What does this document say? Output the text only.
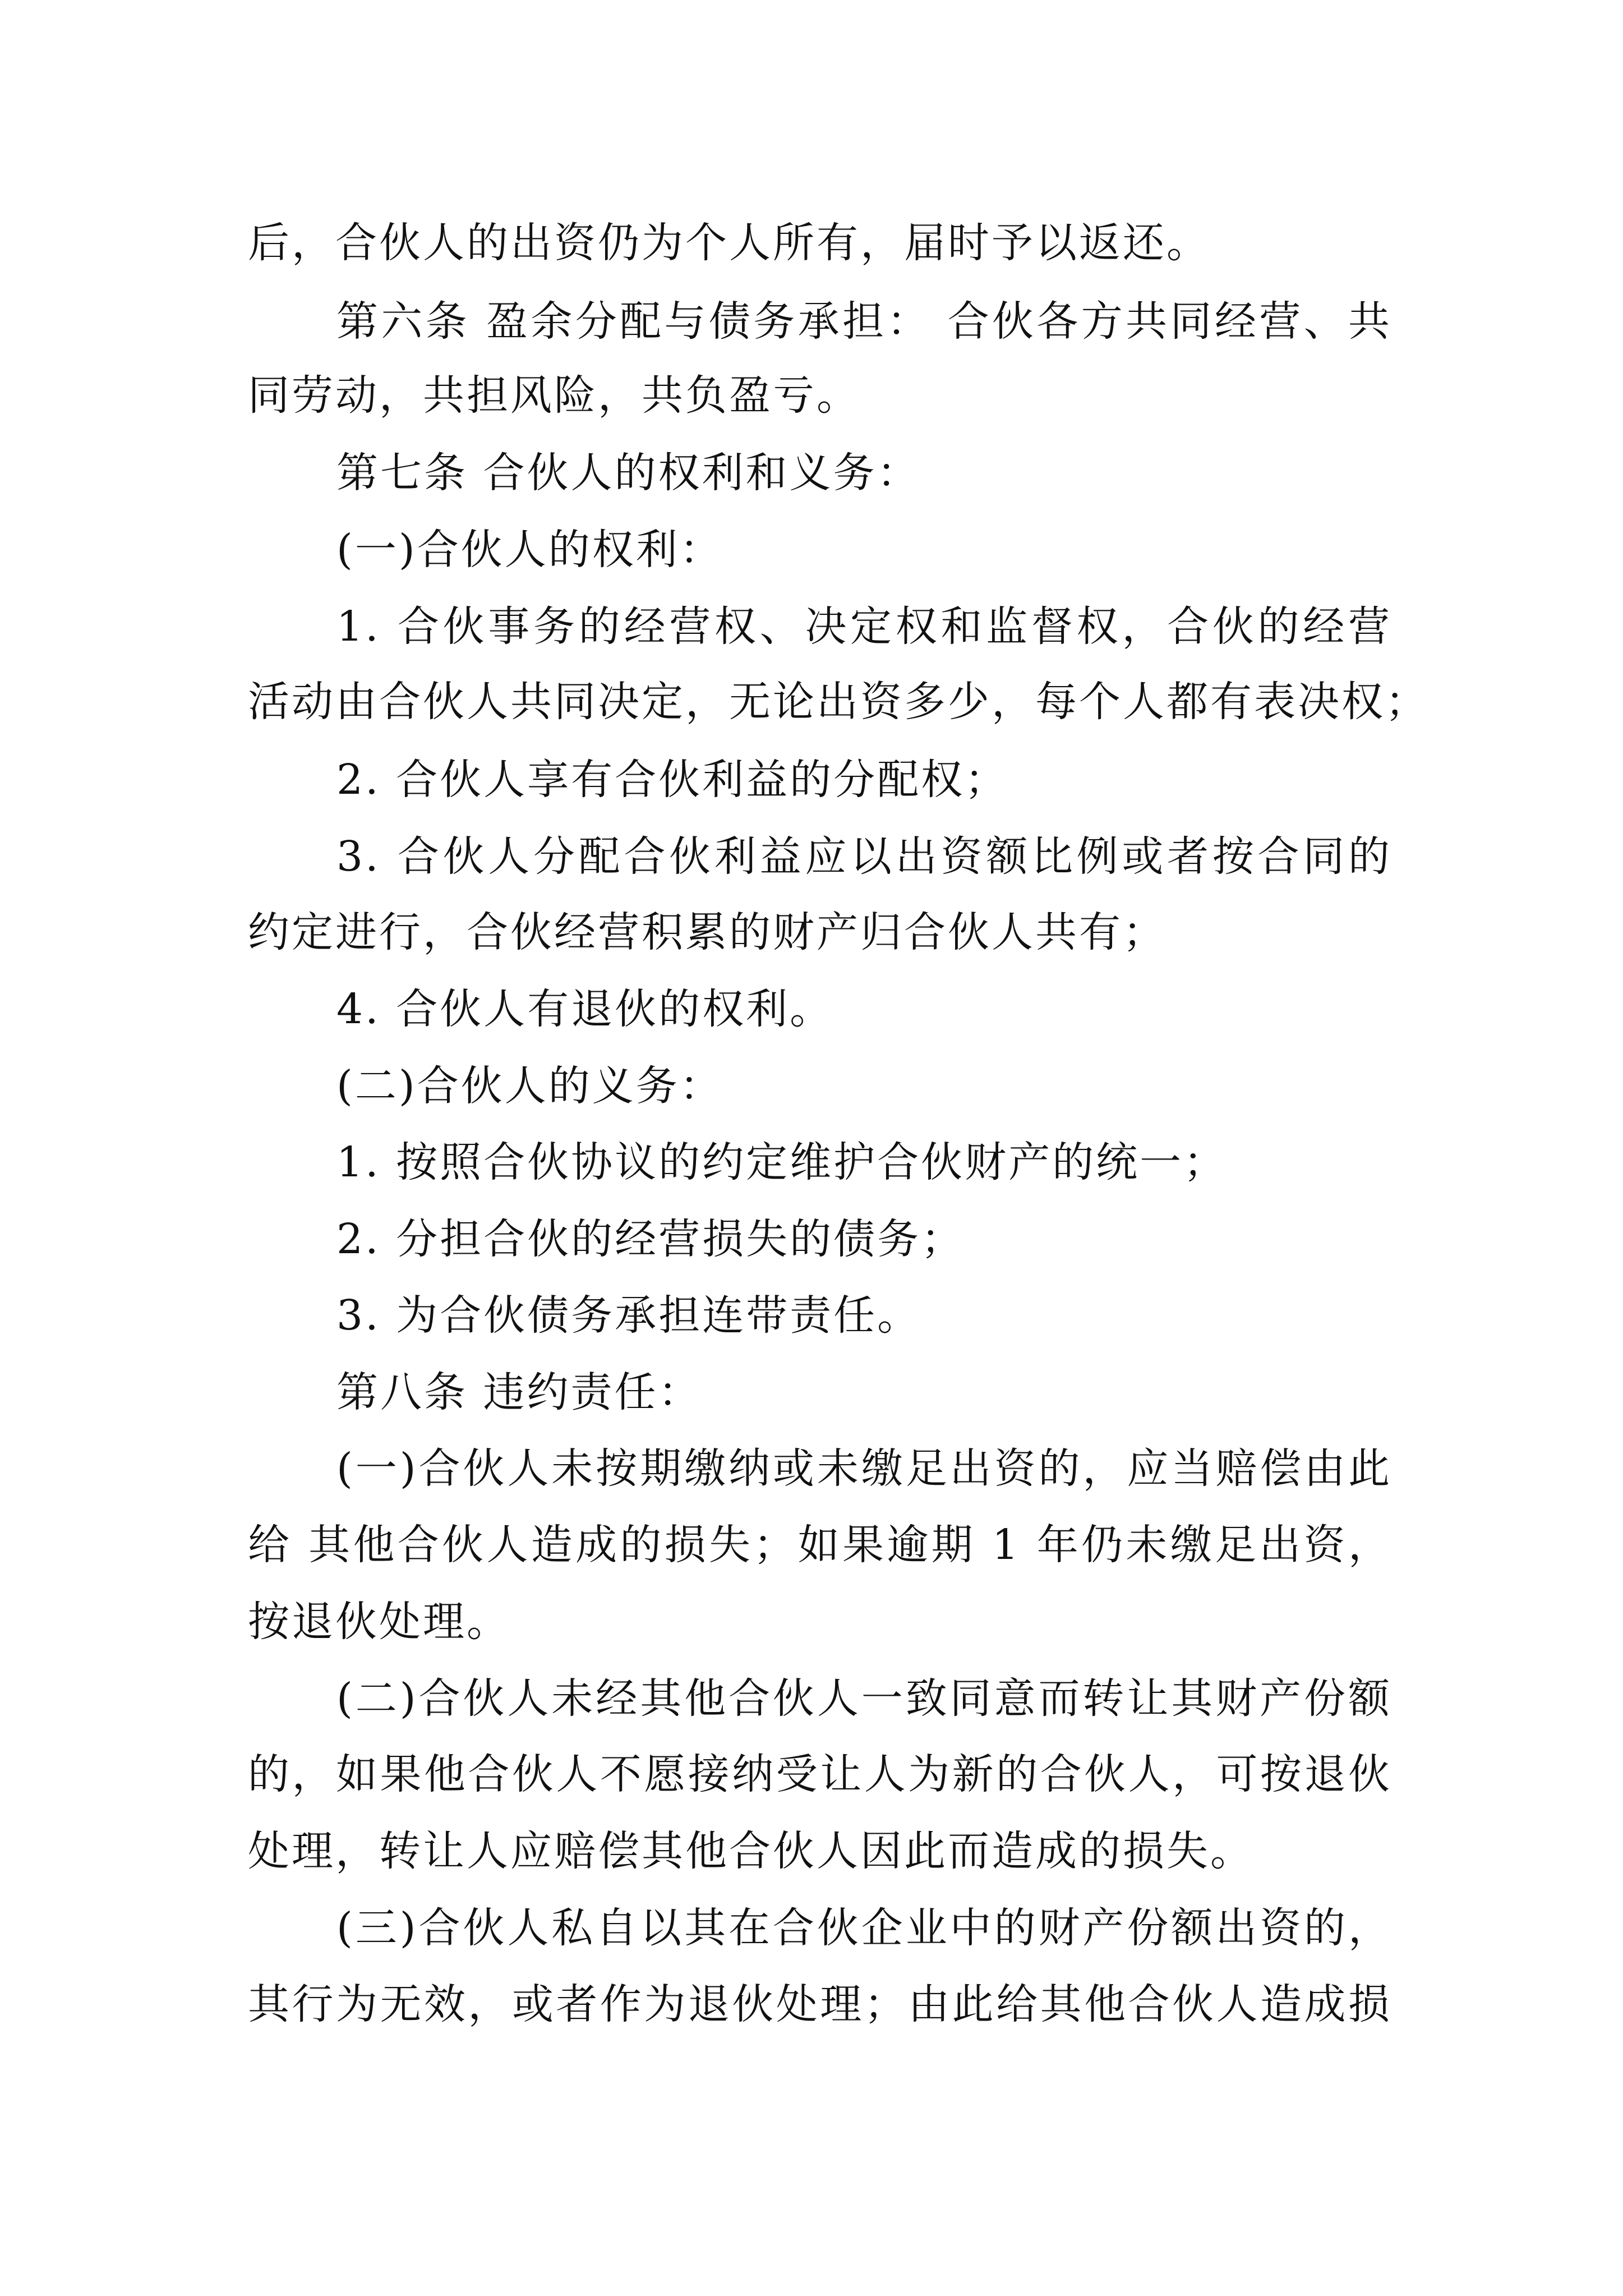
后，合伙人的出资仍为个人所有，届时予以返还。

第六条 盈余分配与债务承担： 合伙各方共同经营、共

同劳动，共担风险，共负盈亏。

第七条 合伙人的权利和义务：

(一)合伙人的权利：

1. 合伙事务的经营权、决定权和监督权，合伙的经营

活动由合伙人共同决定，无论出资多少，每个人都有表决权；

2. 合伙人享有合伙利益的分配权；

3. 合伙人分配合伙利益应以出资额比例或者按合同的

约定进行，合伙经营积累的财产归合伙人共有；

4. 合伙人有退伙的权利。

(二)合伙人的义务：

1. 按照合伙协议的约定维护合伙财产的统一；

2. 分担合伙的经营损失的债务；

3. 为合伙债务承担连带责任。

第八条 违约责任：

(一)合伙人未按期缴纳或未缴足出资的，应当赔偿由此

给 其他合伙人造成的损失；如果逾期 1 年仍未缴足出资，

按退伙处理。

(二)合伙人未经其他合伙人一致同意而转让其财产份额

的，如果他合伙人不愿接纳受让人为新的合伙人，可按退伙

处理，转让人应赔偿其他合伙人因此而造成的损失。

(三)合伙人私自以其在合伙企业中的财产份额出资的，

其行为无效，或者作为退伙处理；由此给其他合伙人造成损
